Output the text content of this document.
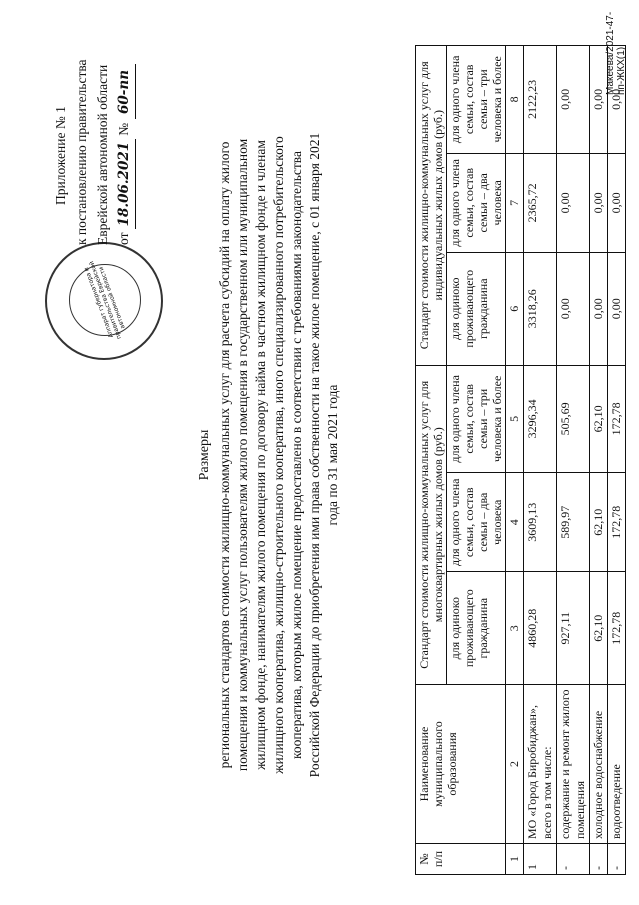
Аппарат губернатора и правительства Еврейской автономной области
Приложение № 1 к постановлению правительства Еврейской автономной области от 18.06.2021 № 60-пп
Размеры региональных стандартов стоимости жилищно-коммунальных услуг для расчета субсидий на оплату жилого помещения и коммунальных услуг пользователям жилого помещения в государственном или муниципальном жилищном фонде, нанимателям жилого помещения по договору найма в частном жилищном фонде и членам жилищного кооператива, жилищно-строительного кооператива, иного специализированного потребительского кооператива, которым жилое помещение предоставлено в соответствии с требованиями законодательства Российской Федерации до приобретения ими права собственности на такое жилое помещение, с 01 января 2021 года по 31 мая 2021 года
№ п/п	Наименование муниципального образования	Стандарт стоимости жилищно-коммунальных услуг для многоквартирных жилых домов (руб.)			Стандарт стоимости жилищно-коммунальных услуг для индивидуальных жилых домов (руб.)		
		для одиноко проживающего гражданина	для одного члена семьи, состав семьи – два человека	для одного члена семьи, состав семьи – три человека и более	для одиноко проживающего гражданина	для одного члена семьи, состав семьи – два человека	для одного члена семьи, состав семьи – три человека и более
1	2	3	4	5	6	7	8
1	МО «Город Биробиджан», всего в том числе:	4860,28	3609,13	3296,34	3318,26	2365,72	2122,23
-	содержание и ремонт жилого помещения	927,11	589,97	505,69	0,00	0,00	0,00
-	холодное водоснабжение	62,10	62,10	62,10	0,00	0,00	0,00
-	водоотведение	172,78	172,78	172,78	0,00	0,00	0,00
Макеева/2021-47-пп-ЖКХ(1)
